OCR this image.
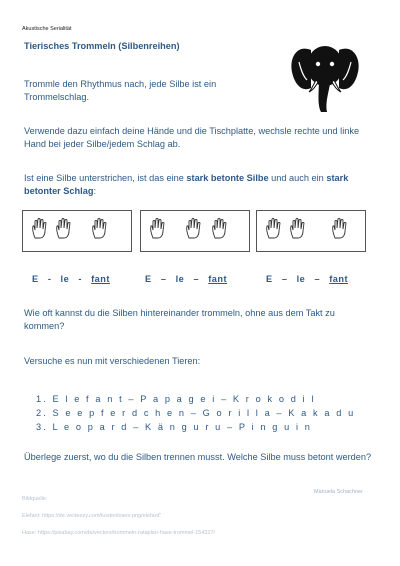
Akustische Serialität
Tierisches Trommeln (Silbenreihen)
Trommle den Rhythmus nach, jede Silbe ist ein Trommelschlag.
Verwende dazu einfach deine Hände und die Tischplatte, wechsle rechte und linke Hand bei jeder Silbe/jedem Schlag ab.
Ist eine Silbe unterstrichen, ist das eine stark betonte Silbe und auch ein stark betonter Schlag:
E - le - fant	E – le – fant	E – le – fant
Wie oft kannst du die Silben hintereinander trommeln, ohne aus dem Takt zu kommen?
Versuche es nun mit verschiedenen Tieren:
1. E l e f a n t – P a p a g e i – K r o k o d i l
2. S e e p f e r d c h e n – G o r i l l a – K a k a d u
3. L e o p a r d – K ä n g u r u – P i n g u i n
Überlege zuerst, wo du die Silben trennen musst. Welche Silbe muss betont werden?
Manuela Schachner
Bildquelle:
Elefant: https://de.vecteezy.com/kostenloses-png/elefant"
Hase: https://pixabay.com/de/vectors/trommeln-rataplan-hase-trommel-154327/
